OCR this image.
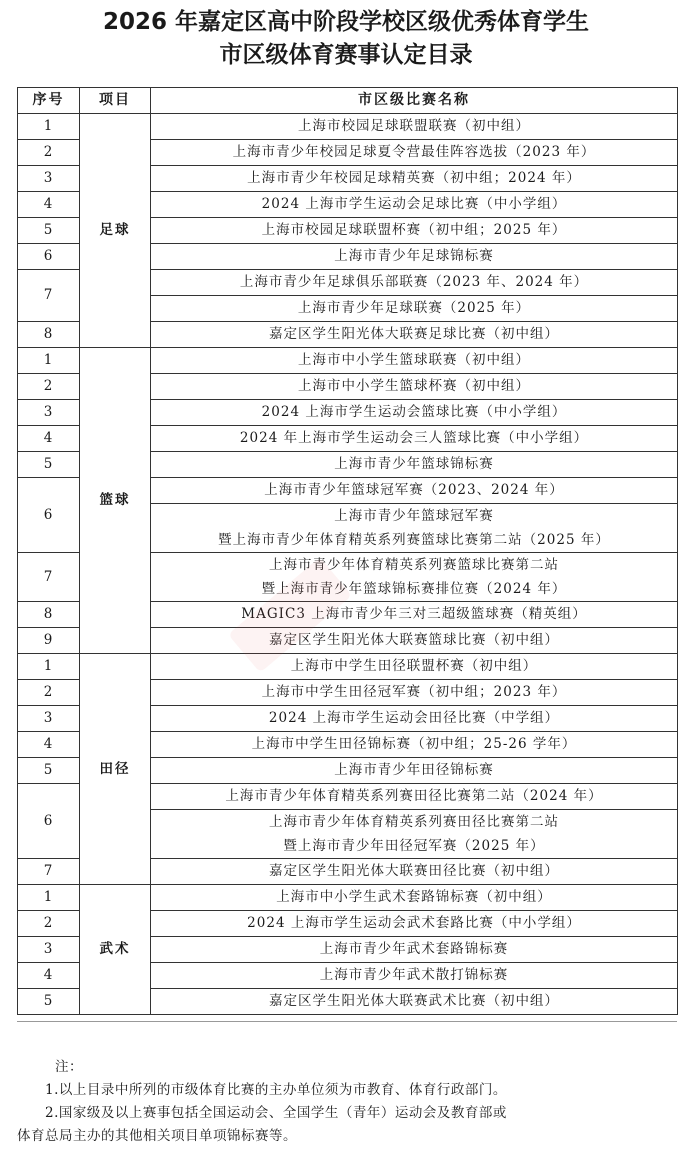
2026 年嘉定区高中阶段学校区级优秀体育学生
市区级体育赛事认定目录
序号	项目	市区级比赛名称
1	足球	上海市校园足球联盟联赛（初中组）
2		上海市青少年校园足球夏令营最佳阵容选拔（2023 年）
3		上海市青少年校园足球精英赛（初中组；2024 年）
4		2024 上海市学生运动会足球比赛（中小学组）
5		上海市校园足球联盟杯赛（初中组；2025 年）
6		上海市青少年足球锦标赛
7		上海市青少年足球俱乐部联赛（2023 年、2024 年）
		上海市青少年足球联赛（2025 年）
8		嘉定区学生阳光体大联赛足球比赛（初中组）
1	篮球	上海市中小学生篮球联赛（初中组）
2		上海市中小学生篮球杯赛（初中组）
3		2024 上海市学生运动会篮球比赛（中小学组）
4		2024 年上海市学生运动会三人篮球比赛（中小学组）
5		上海市青少年篮球锦标赛
6		上海市青少年篮球冠军赛（2023、2024 年）
		上海市青少年篮球冠军赛
暨上海市青少年体育精英系列赛篮球比赛第二站（2025 年）
7		上海市青少年体育精英系列赛篮球比赛第二站
暨上海市青少年篮球锦标赛排位赛（2024 年）
8		MAGIC3 上海市青少年三对三超级篮球赛（精英组）
9		嘉定区学生阳光体大联赛篮球比赛（初中组）
1	田径	上海市中学生田径联盟杯赛（初中组）
2		上海市中学生田径冠军赛（初中组；2023 年）
3		2024 上海市学生运动会田径比赛（中学组）
4		上海市中学生田径锦标赛（初中组；25-26 学年）
5		上海市青少年田径锦标赛
6		上海市青少年体育精英系列赛田径比赛第二站（2024 年）
		上海市青少年体育精英系列赛田径比赛第二站
暨上海市青少年田径冠军赛（2025 年）
7		嘉定区学生阳光体大联赛田径比赛（初中组）
1	武术	上海市中小学生武术套路锦标赛（初中组）
2		2024 上海市学生运动会武术套路比赛（中小学组）
3		上海市青少年武术套路锦标赛
4		上海市青少年武术散打锦标赛
5		嘉定区学生阳光体大联赛武术比赛（初中组）

注：

1.以上目录中所列的市级体育比赛的主办单位须为市教育、体育行政部门。

2.国家级及以上赛事包括全国运动会、全国学生（青年）运动会及教育部或

体育总局主办的其他相关项目单项锦标赛等。
